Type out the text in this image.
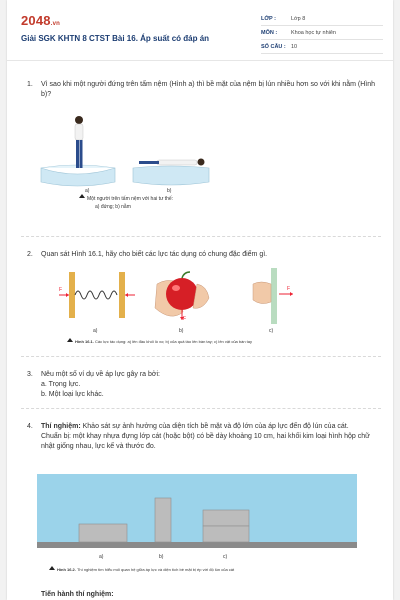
2048.vn
Giải SGK KHTN 8 CTST Bài 16. Áp suất có đáp án
LỚP :	Lớp 8
MÔN :	Khoa học tự nhiên
SỐ CÂU : 10
1. Vì sao khi một người đứng trên tấm nệm (Hình a) thì bề mặt của nệm bị lún nhiều hơn so với khi nằm (Hình b)?
a)	b)
Một người trên tấm nệm với hai tư thế:
a) đứng; b) nằm
2. Quan sát Hình 16.1, hãy cho biết các lực tác dụng có chung đặc điểm gì.
F
a)
F
b)
F
c)
Hình 16.1. Các lực tác dụng: a) lên đầu khối lò xo; b) của quả táo lên bàn tay; c) lên vật của bàn tay
3. Nêu một số ví dụ về áp lực gây ra bởi:
a. Trọng lực.
b. Một loại lực khác.
4. Thí nghiệm: Khảo sát sự ảnh hưởng của diện tích bề mặt và độ lớn của áp lực đến độ lún của cát.
Chuẩn bị: một khay nhựa đựng lớp cát (hoặc bột) có bề dày khoảng 10 cm, hai khối kim loại hình hộp chữ nhật giống nhau, lực kế và thước đo.
a)	b)	c)
Hình 16.2. Thí nghiệm tìm hiểu mối quan hệ giữa áp lực và diện tích bề mặt bị ép với độ lún của cát
Tiến hành thí nghiệm:
